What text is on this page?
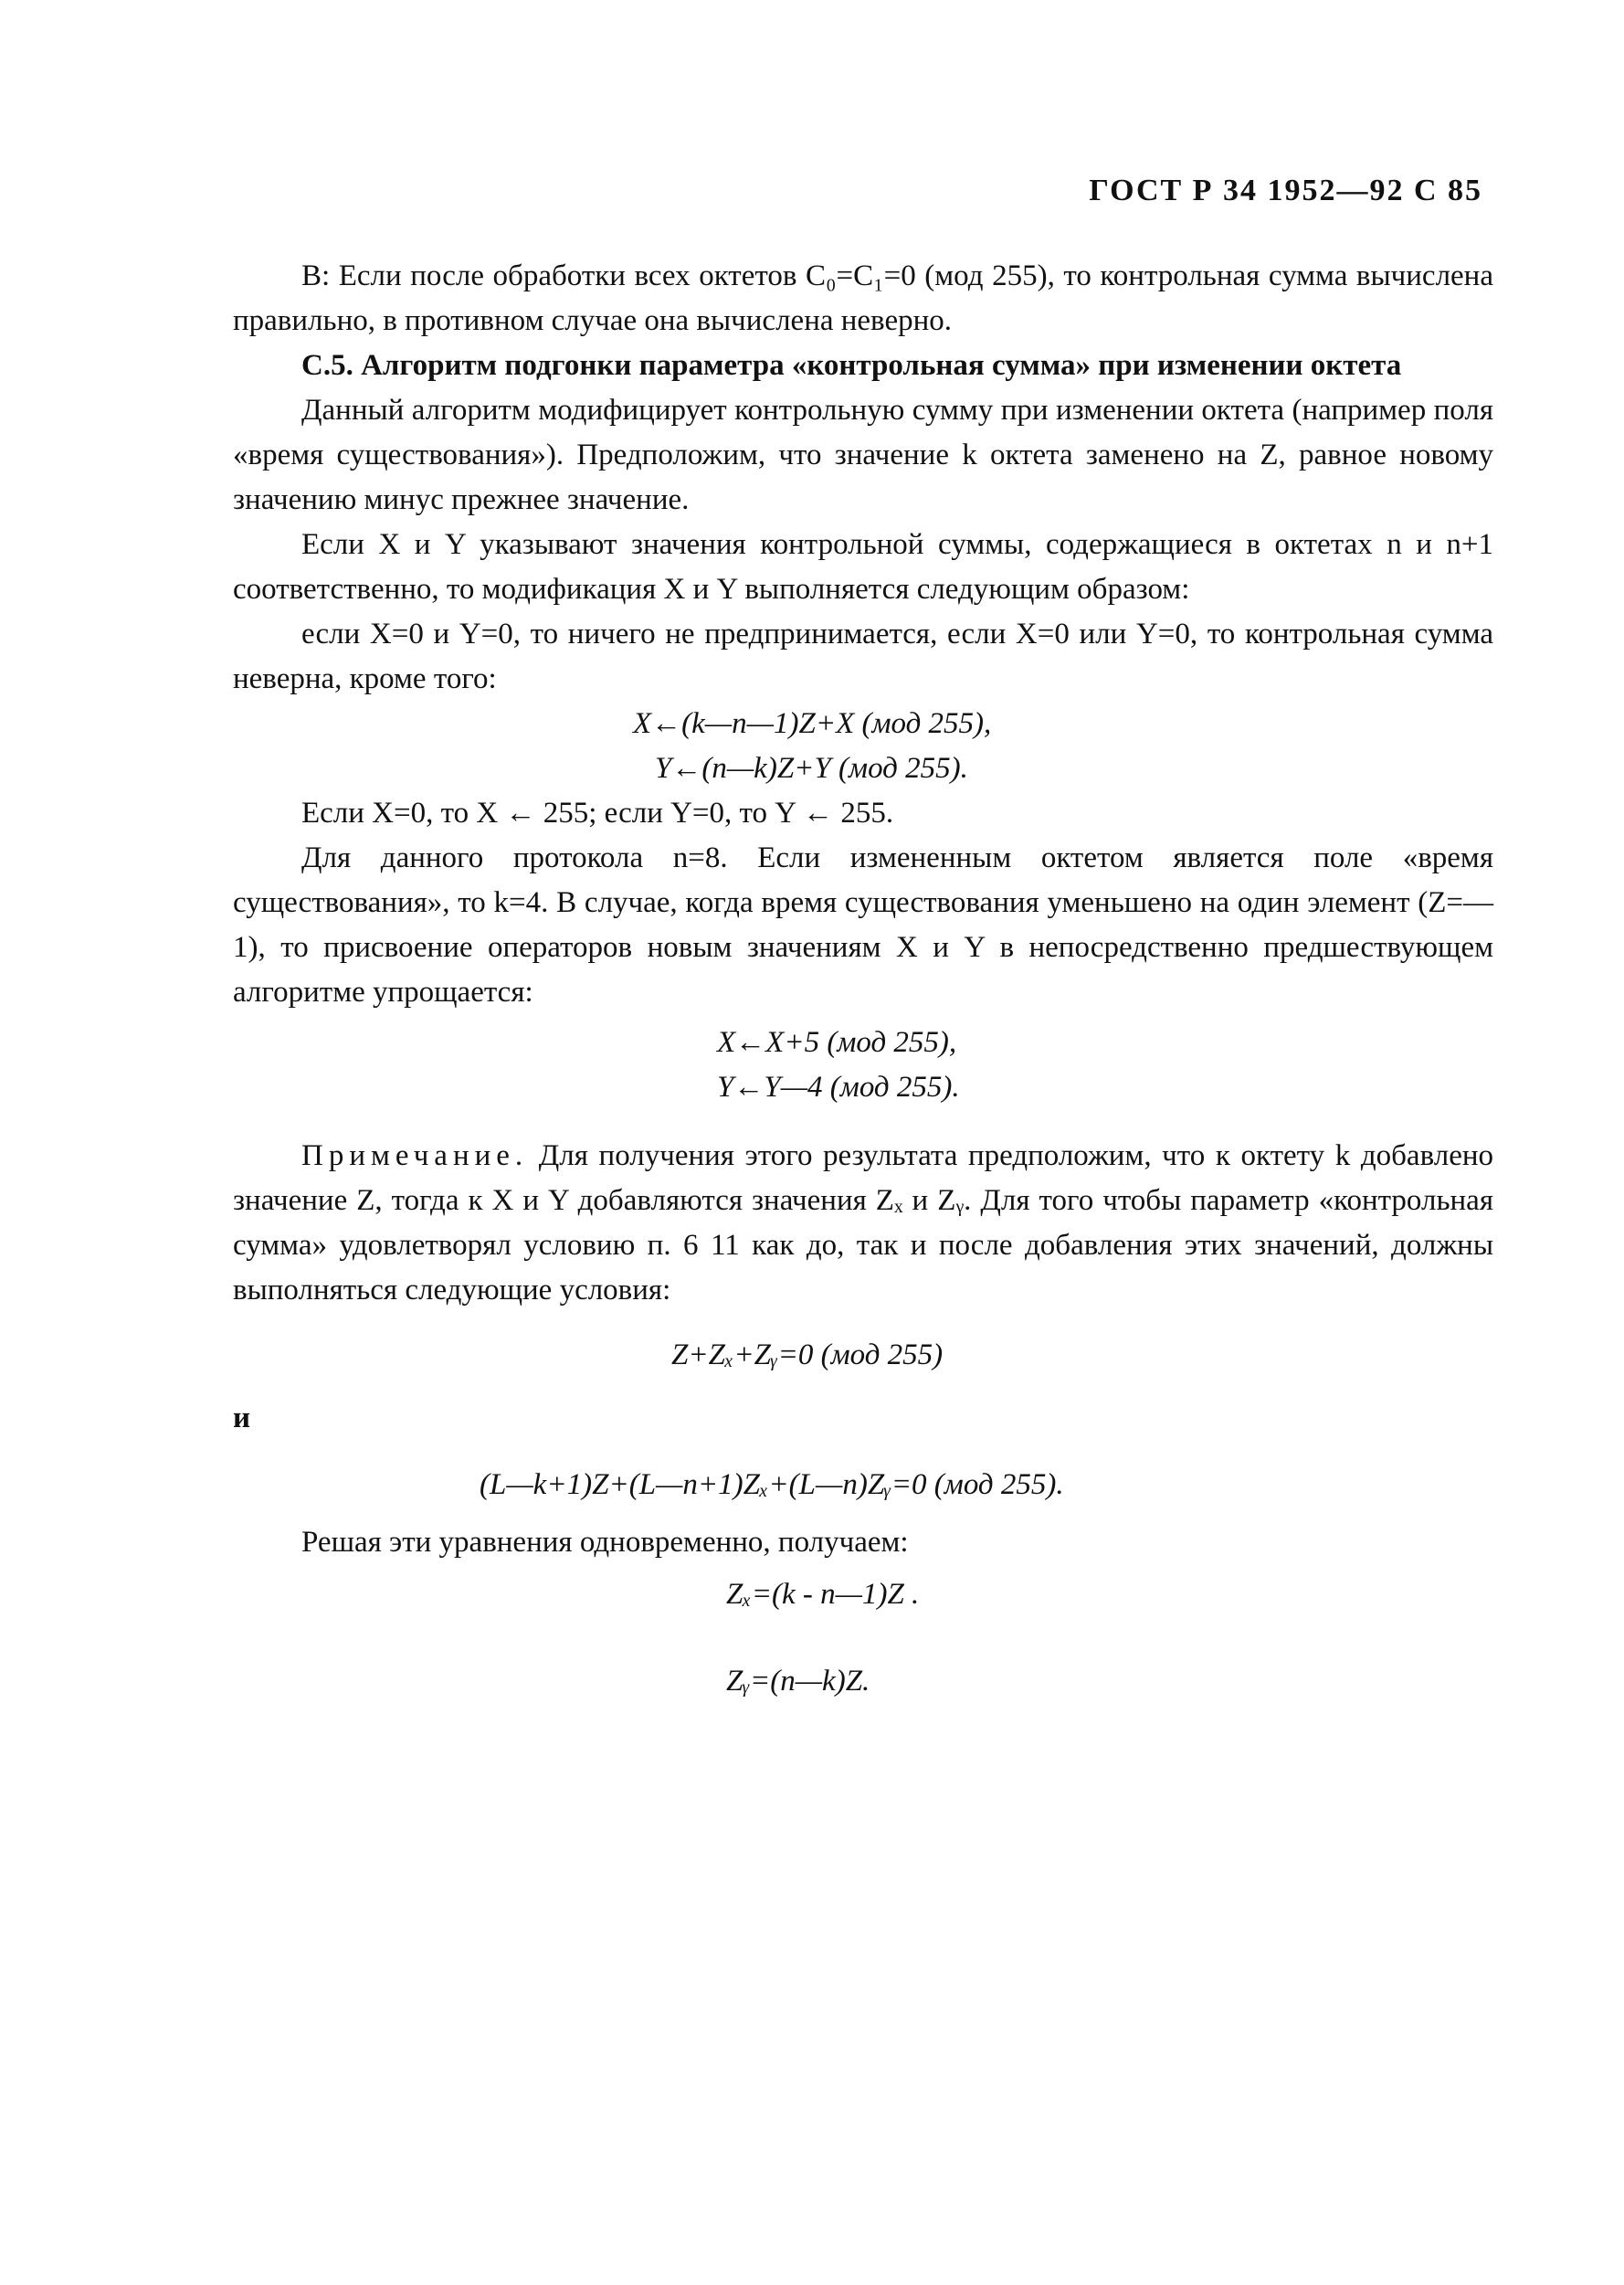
ГОСТ Р 34 1952—92 С 85

В: Если после обработки всех октетов C₀=C₁=0 (мод 255), то контрольная сумма вычислена правильно, в противном случае она вычислена неверно.

С.5. Алгоритм подгонки параметра «контрольная сумма» при изменении октета

Данный алгоритм модифицирует контрольную сумму при изменении октета (например поля «время существования»). Предположим, что значение k октета заменено на Z, равное новому значению минус прежнее значение.

Если X и Y указывают значения контрольной суммы, содержащиеся в октетах n и n+1 соответственно, то модификация X и Y выполняется следующим образом:

если X=0 и Y=0, то ничего не предпринимается, если X=0 или Y=0, то контрольная сумма неверна, кроме того:

X←(k—n—1)Z+X (мод 255),

Y←(n—k)Z+Y (мод 255).

Если X=0, то X ← 255; если Y=0, то Y ← 255.

Для данного протокола n=8. Если измененным октетом является поле «время существования», то k=4. В случае, когда время существования уменьшено на один элемент (Z=—1), то присвоение операторов новым значениям X и Y в непосредственно предшествующем алгоритме упрощается:

X←X+5 (мод 255),

Y←Y—4 (мод 255).

Примечание. Для получения этого результата предположим, что к октету k добавлено значение Z, тогда к X и Y добавляются значения Zₓ и Zᵧ. Для того чтобы параметр «контрольная сумма» удовлетворял условию п. 6 11 как до, так и после добавления этих значений, должны выполняться следующие условия:

Z+Zₓ+Zᵧ=0 (мод 255)

и

(L—k+1)Z+(L—n+1)Zₓ+(L—n)Zᵧ=0 (мод 255).

Решая эти уравнения одновременно, получаем:

Zₓ=(k - n—1)Z .

Zᵧ=(n—k)Z.
